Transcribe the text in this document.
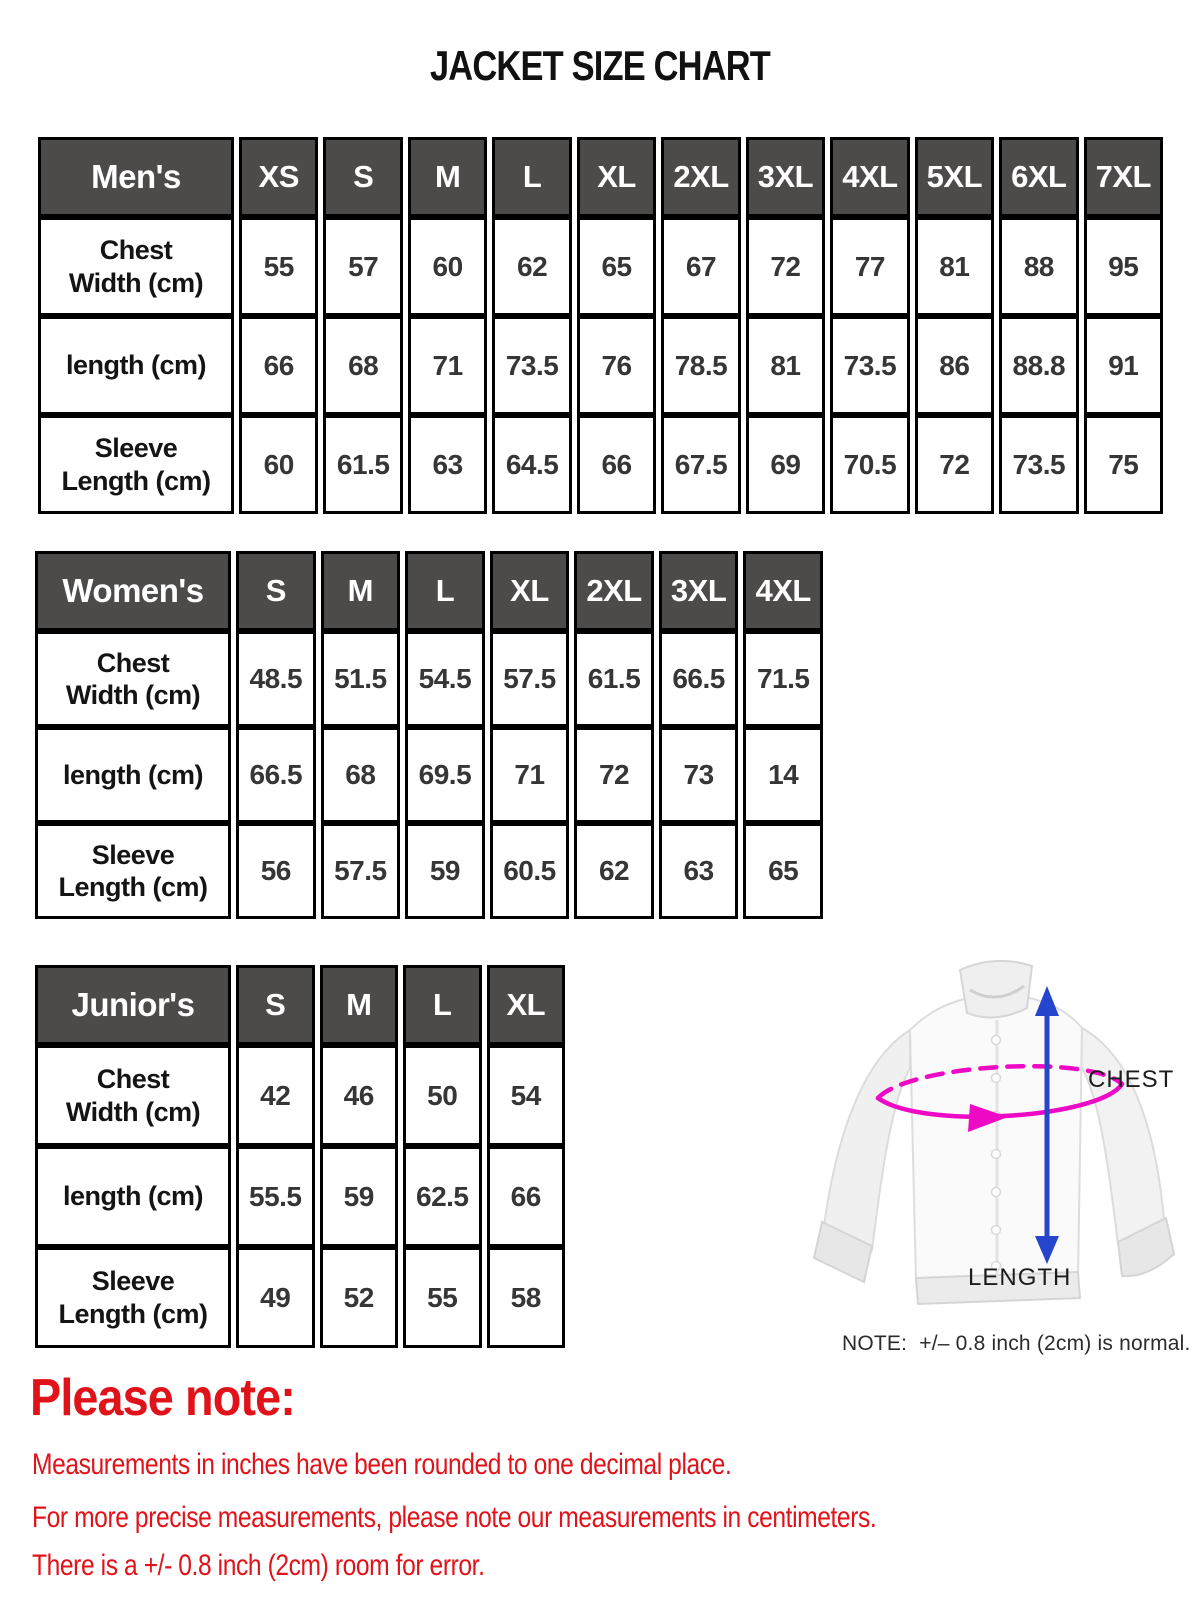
JACKET SIZE CHART
Men's	XS	S	M	L	XL	2XL	3XL	4XL	5XL	6XL	7XL
Chest
Width (cm)	55	57	60	62	65	67	72	77	81	88	95
length (cm)	66	68	71	73.5	76	78.5	81	73.5	86	88.8	91
Sleeve
Length (cm)	60	61.5	63	64.5	66	67.5	69	70.5	72	73.5	75
Women's	S	M	L	XL	2XL	3XL	4XL
Chest
Width (cm)	48.5	51.5	54.5	57.5	61.5	66.5	71.5
length (cm)	66.5	68	69.5	71	72	73	14
Sleeve
Length (cm)	56	57.5	59	60.5	62	63	65
Junior's	S	M	L	XL
Chest
Width (cm)	42	46	50	54
length (cm)	55.5	59	62.5	66
Sleeve
Length (cm)	49	52	55	58
CHEST
LENGTH
NOTE:  +/– 0.8 inch (2cm) is normal.
Please note:
Measurements in inches have been rounded to one decimal place.
For more precise measurements, please note our measurements in centimeters.
There is a +/- 0.8 inch (2cm) room for error.
